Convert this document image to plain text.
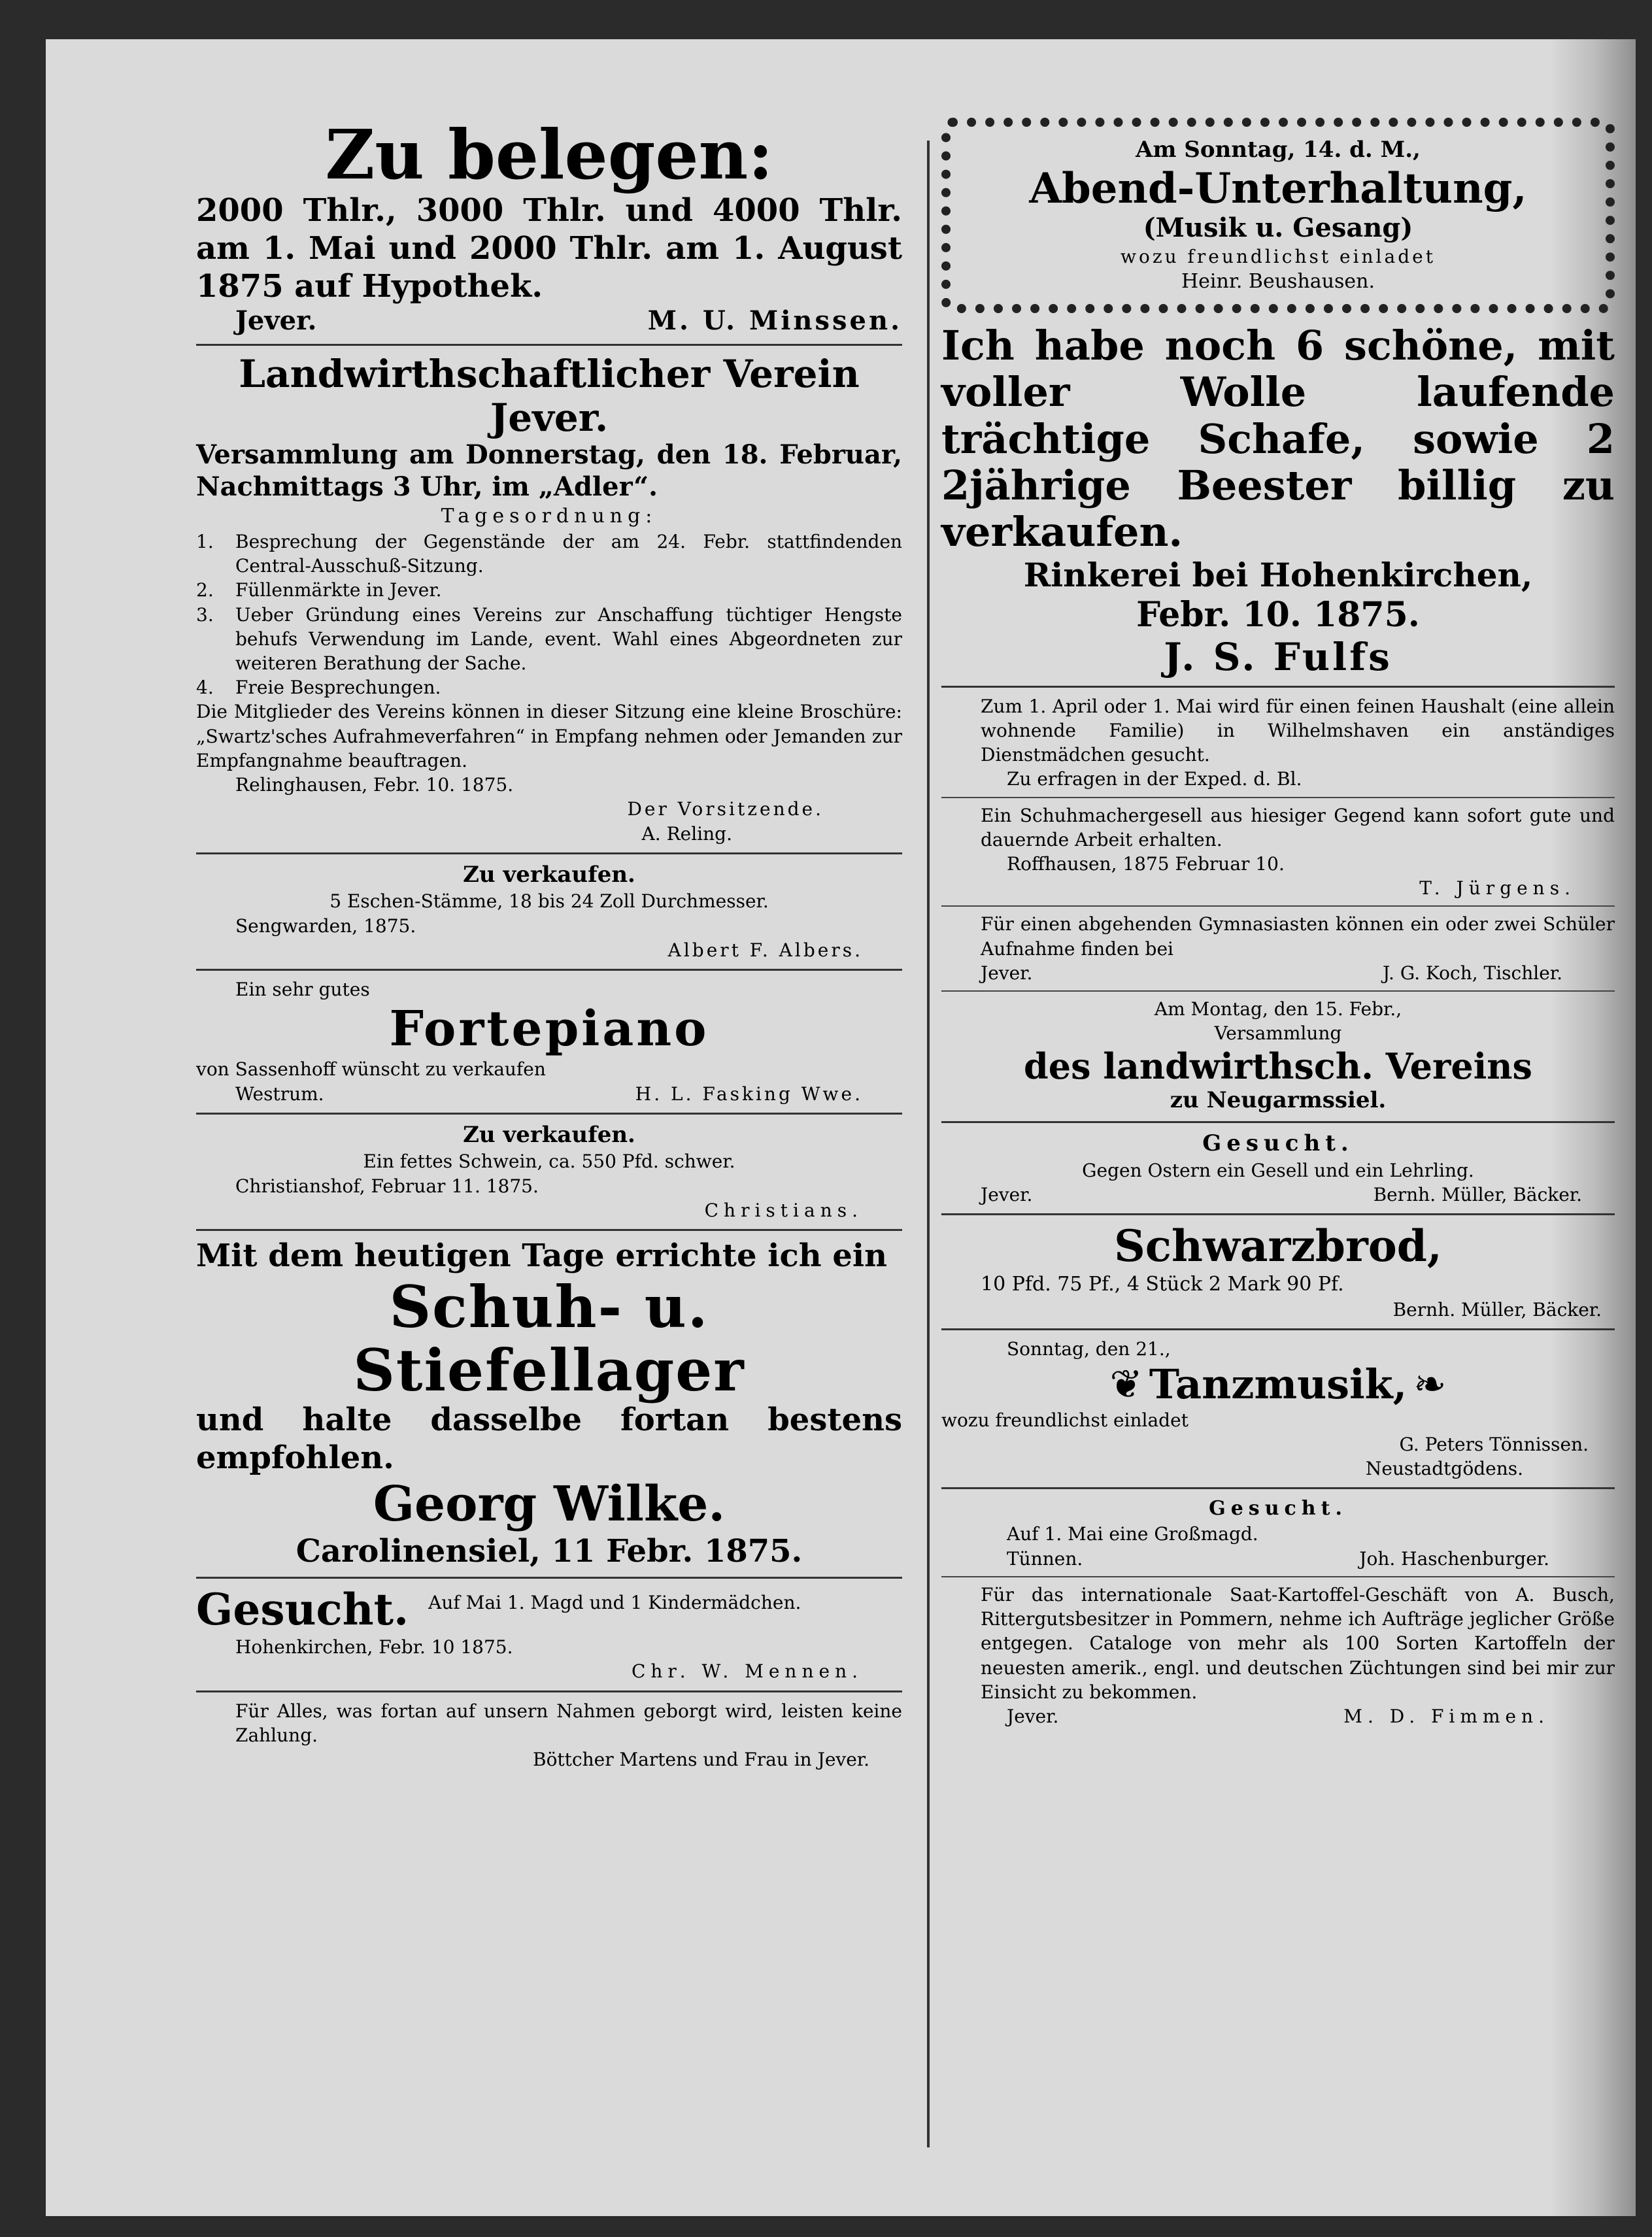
Zu belegen:

2000 Thlr., 3000 Thlr. und 4000 Thlr. am 1. Mai und 2000 Thlr. am 1. August 1875 auf Hypothek.

Jever.	M. U. Minssen.

Landwirthschaftlicher Verein

Jever.

Versammlung am Donnerstag, den 18. Februar, Nachmittags 3 Uhr, im „Adler“.

Tagesordnung:

1.	Besprechung der Gegenstände der am 24. Febr. stattfindenden Central-Ausschuß-Sitzung.
2.	Füllenmärkte in Jever.
3.	Ueber Gründung eines Vereins zur Anschaffung tüchtiger Hengste behufs Verwendung im Lande, event. Wahl eines Abgeordneten zur weiteren Berathung der Sache.
4.	Freie Besprechungen.

Die Mitglieder des Vereins können in dieser Sitzung eine kleine Broschüre: „Swartz'sches Aufrahmeverfahren“ in Empfang nehmen oder Jemanden zur Empfangnahme beauftragen.

Relinghausen, Febr. 10. 1875.

Der Vorsitzende.

A. Reling.

Zu verkaufen.

5 Eschen-Stämme, 18 bis 24 Zoll Durchmesser.

Sengwarden, 1875.

Albert F. Albers.

Ein sehr gutes

Fortepiano

von Sassenhoff wünscht zu verkaufen

Westrum.	H. L. Fasking Wwe.

Zu verkaufen.

Ein fettes Schwein, ca. 550 Pfd. schwer.

Christianshof, Februar 11. 1875.

Christians.

Mit dem heutigen Tage errichte ich ein

Schuh- u. Stiefellager

und halte dasselbe fortan bestens empfohlen.

Georg Wilke.

Carolinensiel, 11 Febr. 1875.

Gesucht. Auf Mai 1. Magd und 1 Kindermädchen.

Hohenkirchen, Febr. 10 1875.

Chr. W. Mennen.

Für Alles, was fortan auf unsern Nahmen geborgt wird, leisten keine Zahlung.

Böttcher Martens und Frau in Jever.

Am Sonntag, 14. d. M.,

Abend-Unterhaltung,

(Musik u. Gesang)

wozu freundlichst einladet

Heinr. Beushausen.

Ich habe noch 6 schöne, mit voller Wolle laufende trächtige Schafe, sowie 2 2jährige Beester billig zu verkaufen.

Rinkerei bei Hohenkirchen,

Febr. 10. 1875.

J. S. Fulfs

Zum 1. April oder 1. Mai wird für einen feinen Haushalt (eine allein wohnende Familie) in Wilhelmshaven ein anständiges Dienstmädchen gesucht.

Zu erfragen in der Exped. d. Bl.

Ein Schuhmachergesell aus hiesiger Gegend kann sofort gute und dauernde Arbeit erhalten.

Roffhausen, 1875 Februar 10.

T. Jürgens.

Für einen abgehenden Gymnasiasten können ein oder zwei Schüler Aufnahme finden bei

Jever.	J. G. Koch, Tischler.

Am Montag, den 15. Febr.,

Versammlung

des landwirthsch. Vereins

zu Neugarmssiel.

Gesucht.

Gegen Ostern ein Gesell und ein Lehrling.

Jever.	Bernh. Müller, Bäcker.

Schwarzbrod,

10 Pfd. 75 Pf., 4 Stück 2 Mark 90 Pf.

Bernh. Müller, Bäcker.

Sonntag, den 21.,

❦ Tanzmusik, ❧

wozu freundlichst einladet

G. Peters Tönnissen.

Neustadtgödens.

Gesucht.

Auf 1. Mai eine Großmagd.

Tünnen.	Joh. Haschenburger.

Für das internationale Saat-Kartoffel-Geschäft von A. Busch, Rittergutsbesitzer in Pommern, nehme ich Aufträge jeglicher Größe entgegen. Cataloge von mehr als 100 Sorten Kartoffeln der neuesten amerik., engl. und deutschen Züchtungen sind bei mir zur Einsicht zu bekommen.

Jever.	M. D. Fimmen.
